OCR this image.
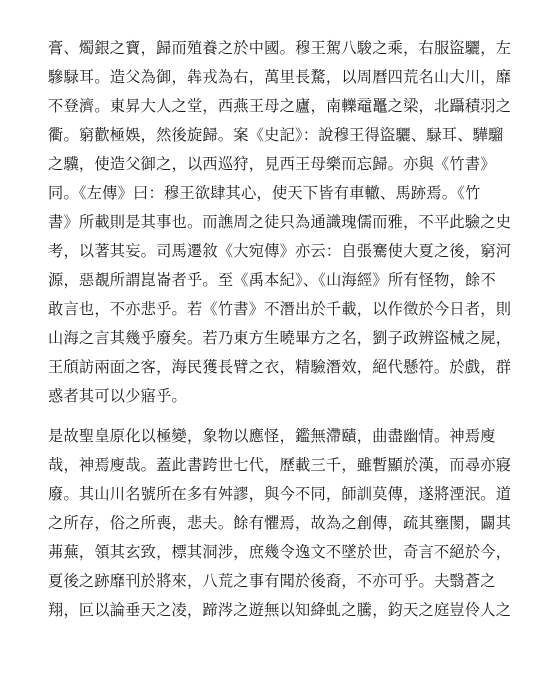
膏、燭銀之寶，歸而殖養之於中國。穆王駕八駿之乘，右服盜驪，左
驂騄耳。造父為御，犇戎為右，萬里長騖，以周曆四荒名山大川，靡
不登濟。東昇大人之堂，西燕王母之廬，南轢黿鼉之梁，北躡積羽之
衢。窮歡極娛，然後旋歸。案《史記》：說穆王得盜驪、騄耳、驊騮
之驥，使造父御之，以西巡狩，見西王母樂而忘歸。亦與《竹書》
同。《左傳》曰：穆王欲肆其心，使天下皆有車轍、馬跡焉。《竹
書》所載則是其事也。而譙周之徒只為通識瑰儒而雅，不平此驗之史
考，以著其妄。司馬遷敘《大宛傳》亦云：自張騫使大夏之後，窮河
源，惡覩所謂崑崙者乎。至《禹本紀》、《山海經》所有怪物，餘不
敢言也，不亦悲乎。若《竹書》不潛出於千載，以作徵於今日者，則
山海之言其幾乎廢矣。若乃東方生曉畢方之名，劉子政辨盜械之屍，
王頎訪兩面之客，海民獲長臂之衣，精驗潛效，絕代懸符。於戲，群
惑者其可以少寤乎。
是故聖皇原化以極變，象物以應怪，鑑無滯賾，曲盡幽情。神焉廋
哉，神焉廋哉。蓋此書跨世七代，歷載三千，雖暫顯於漢，而尋亦寢
廢。其山川名號所在多有舛謬，與今不同，師訓莫傳，遂將湮泯。道
之所存，俗之所喪，悲夫。餘有懼焉，故為之創傳，疏其壅閡，闢其
茀蕪，領其玄致，標其洞涉，庶幾令逸文不墜於世，奇言不絕於今，
夏後之跡靡刊於將來，八荒之事有聞於後裔，不亦可乎。夫翳蒼之
翔，叵以論垂天之凌，蹄涔之遊無以知絳虬之騰，鈞天之庭豈伶人之
